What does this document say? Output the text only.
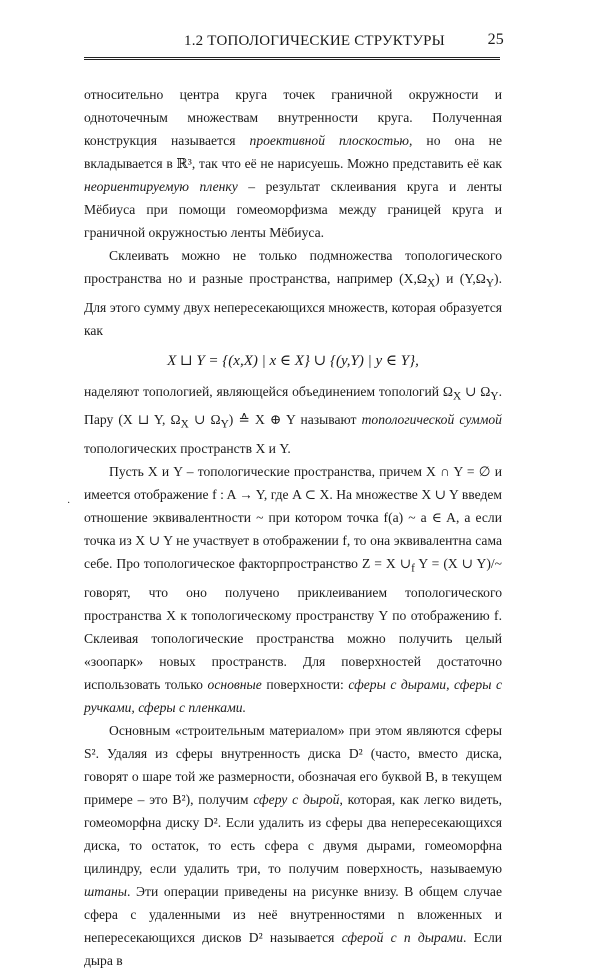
1.2 ТОПОЛОГИЧЕСКИЕ СТРУКТУРЫ	25

относительно центра круга точек граничной окружности и одноточечным множествам внутренности круга. Полученная конструкция называется проективной плоскостью, но она не вкладывается в ℝ³, так что её не нарисуешь. Можно представить её как неориентируемую пленку – результат склеивания круга и ленты Мёбиуса при помощи гомеоморфизма между границей круга и граничной окружностью ленты Мёбиуса.

Склеивать можно не только подмножества топологического пространства но и разные пространства, например $(X,\Omega_X)$ и $(Y,\Omega_Y)$. Для этого сумму двух непересекающихся множеств, которая образуется как

X ⊔ Y = {(x,X) | x ∈ X} ∪ {(y,Y) | y ∈ Y},

наделяют топологией, являющейся объединением топологий $\Omega_X$ ∪ $\Omega_Y$. Пару (X ⊔ Y, $\Omega_X$ ∪ $\Omega_Y$) ≙ X ⊕ Y называют топологической суммой топологических пространств X и Y.

Пусть X и Y – топологические пространства, причем X ∩ Y = ∅ и имеется отображение f : A → Y, где A ⊂ X. На множестве X ∪ Y введем отношение эквивалентности ~ при котором точка f(a) ~ a ∈ A, а если точка из X ∪ Y не участвует в отображении f, то она эквивалентна сама себе. Про топологическое факторпространство Z = X $\cup_f$ Y = (X ∪ Y)/~ говорят, что оно получено приклеиванием топологического пространства X к топологическому пространству Y по отображению f. Склеивая топологические пространства можно получить целый «зоопарк» новых пространств. Для поверхностей достаточно использовать только основные поверхности: сферы с дырами, сферы с ручками, сферы с пленками.

Основным «строительным материалом» при этом являются сферы S². Удаляя из сферы внутренность диска D² (часто, вместо диска, говорят о шаре той же размерности, обозначая его буквой B, в текущем примере – это B²), получим сферу с дырой, которая, как легко видеть, гомеоморфна диску D². Если удалить из сферы два непересекающихся диска, то остаток, то есть сфера с двумя дырами, гомеоморфна цилиндру, если удалить три, то получим поверхность, называемую штаны. Эти операции приведены на рисунке внизу. В общем случае сфера с удаленными из неё внутренностями n вложенных и непересекающихся дисков D² называется сферой с n дырами. Если дыра в

·
